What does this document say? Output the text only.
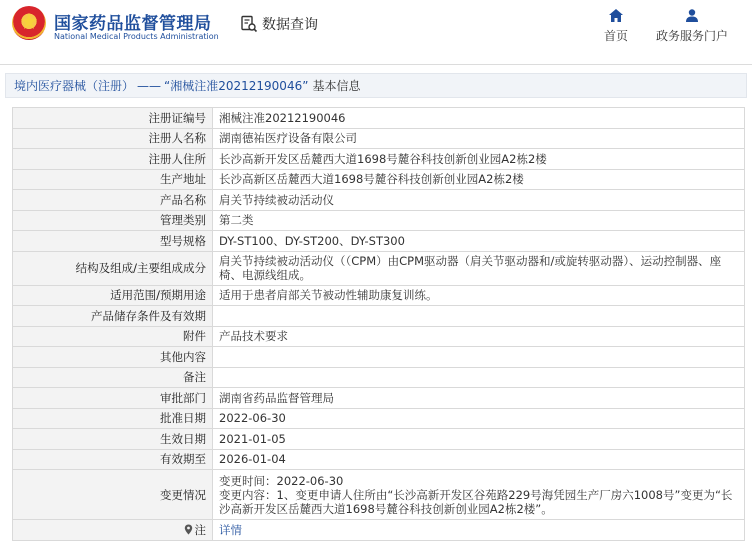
国家药品监督管理局
National Medical Products Administration
数据查询
首页	政务服务门户
境内医疗器械（注册） —— “湘械注准20212190046” 基本信息
注册证编号	湘械注准20212190046
注册人名称	湖南德祐医疗设备有限公司
注册人住所	长沙高新开发区岳麓西大道1698号麓谷科技创新创业园A2栋2楼
生产地址	长沙高新区岳麓西大道1698号麓谷科技创新创业园A2栋2楼
产品名称	肩关节持续被动活动仪
管理类别	第二类
型号规格	DY-ST100、DY-ST200、DY-ST300
结构及组成/主要组成成分	肩关节持续被动活动仪（（CPM）由CPM驱动器（肩关节驱动器和/或旋转驱动器）、运动控制器、座椅、电源线组成。
适用范围/预期用途	适用于患者肩部关节被动性辅助康复训练。
产品储存条件及有效期	
附件	产品技术要求
其他内容	
备注	
审批部门	湖南省药品监督管理局
批准日期	2022-06-30
生效日期	2021-01-05
有效期至	2026-01-04
变更情况	变更时间：2022-06-30
变更内容：1、变更申请人住所由“长沙高新开发区谷苑路229号海凭园生产厂房六1008号”变更为“长沙高新开发区岳麓西大道1698号麓谷科技创新创业园A2栋2楼”。

注	详情
